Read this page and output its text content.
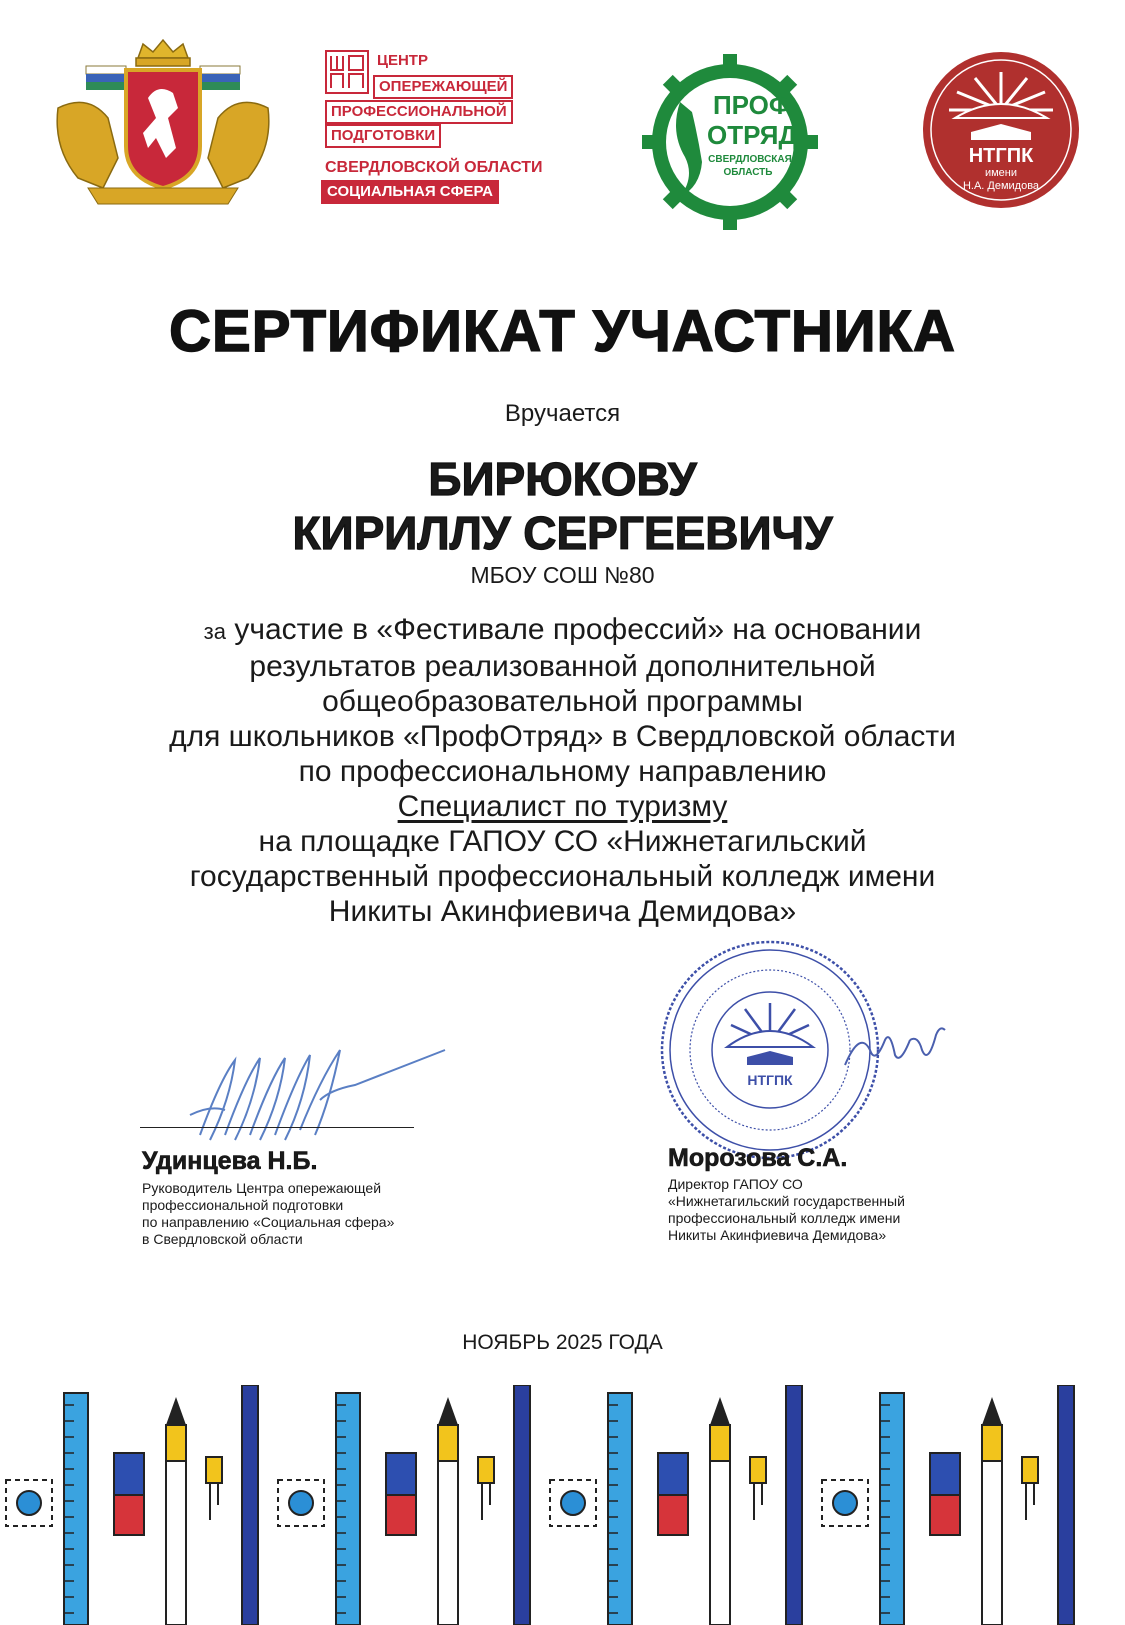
ЦЕНТР
ОПЕРЕЖАЮЩЕЙ
ПРОФЕССИОНАЛЬНОЙ
ПОДГОТОВКИ
СВЕРДЛОВСКОЙ ОБЛАСТИ
СОЦИАЛЬНАЯ СФЕРА
ПРОФ
ОТРЯД
СВЕРДЛОВСКАЯ
ОБЛАСТЬ
НТГПК
имени
Н.А. Демидова
СЕРТИФИКАТ УЧАСТНИКА
Вручается
БИРЮКОВУ
КИРИЛЛУ СЕРГЕЕВИЧУ
МБОУ СОШ №80
за участие в «Фестивале профессий» на основании
результатов реализованной дополнительной
общеобразовательной программы
для школьников «ПрофОтряд» в Свердловской области
по профессиональному направлению
Специалист по туризму
на площадке ГАПОУ СО «Нижнетагильский
государственный профессиональный колледж имени
Никиты Акинфиевича Демидова»
Удинцева Н.Б.
Руководитель Центра опережающей
профессиональной подготовки
по направлению «Социальная сфера»
в Свердловской области
НТГПК
Морозова С.А.
Директор ГАПОУ СО
«Нижнетагильский государственный
профессиональный колледж имени
Никиты Акинфиевича Демидова»
НОЯБРЬ 2025 ГОДА
